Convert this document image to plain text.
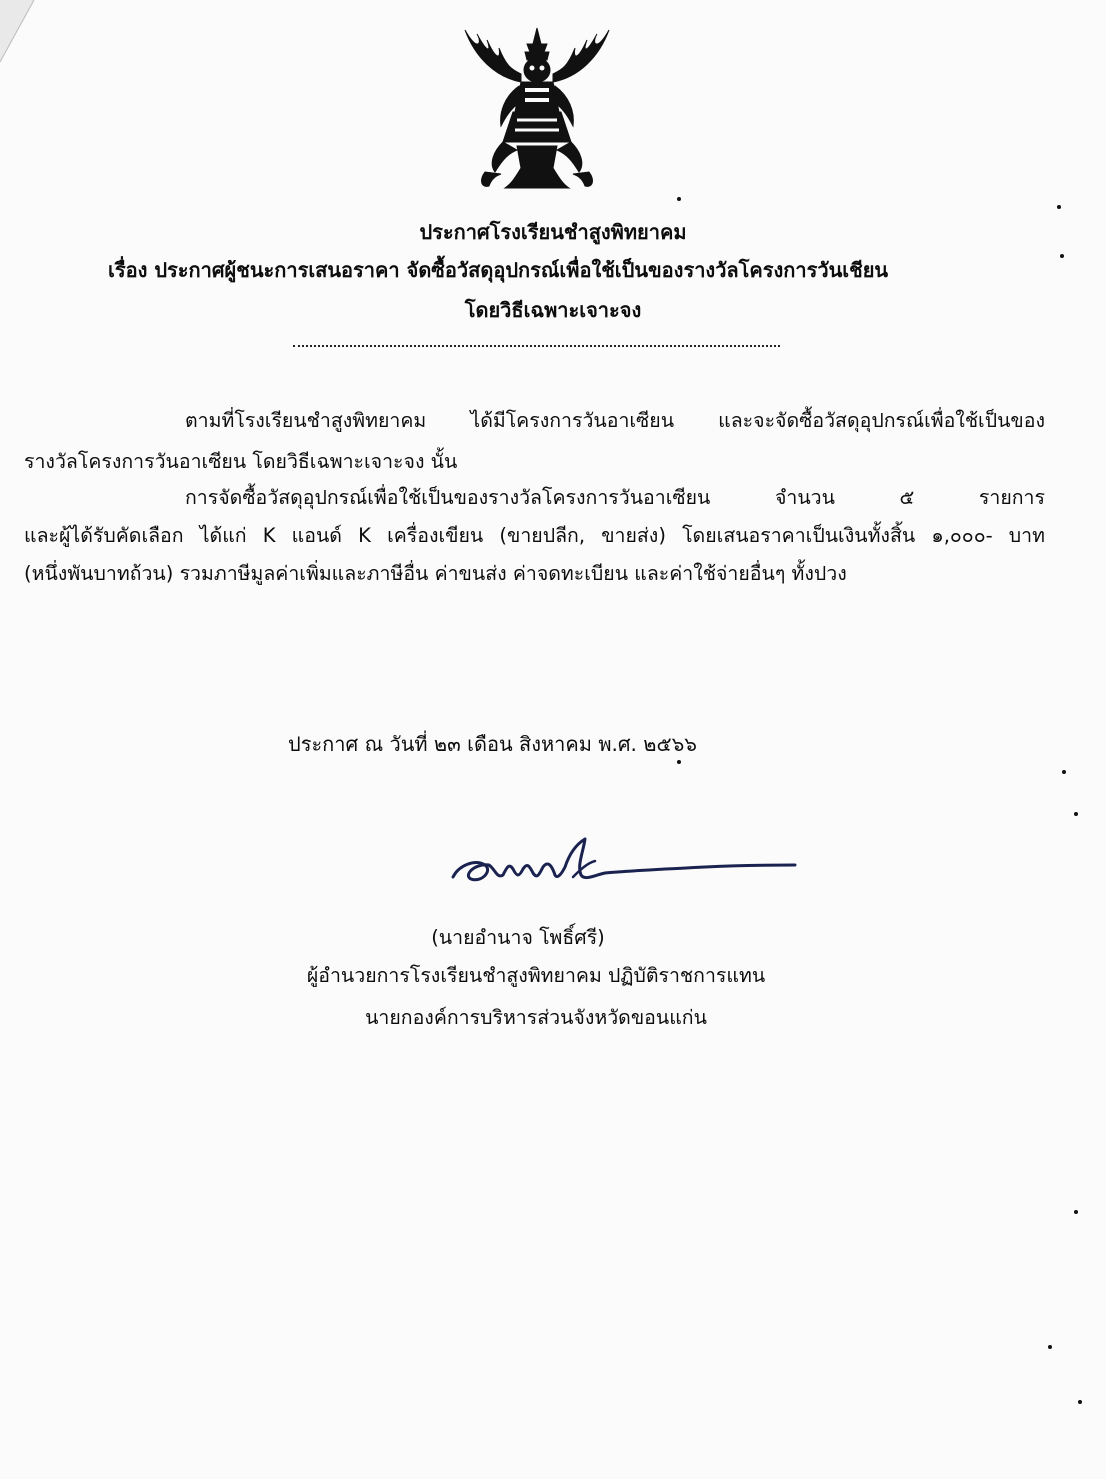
ประกาศโรงเรียนชำสูงพิทยาคม
เรื่อง ประกาศผู้ชนะการเสนอราคา จัดซื้อวัสดุอุปกรณ์เพื่อใช้เป็นของรางวัลโครงการวันเชียน
โดยวิธีเฉพาะเจาะจง
ตามที่โรงเรียนชำสูงพิทยาคม ได้มีโครงการวันอาเซียน และจะจัดซื้อวัสดุอุปกรณ์เพื่อใช้เป็นของ
รางวัลโครงการวันอาเซียน โดยวิธีเฉพาะเจาะจง นั้น
การจัดซื้อวัสดุอุปกรณ์เพื่อใช้เป็นของรางวัลโครงการวันอาเซียน จำนวน ๕ รายการ
และผู้ได้รับคัดเลือก ได้แก่ K แอนด์ K เครื่องเขียน (ขายปลีก, ขายส่ง) โดยเสนอราคาเป็นเงินทั้งสิ้น ๑,๐๐๐- บาท
(หนึ่งพันบาทถ้วน) รวมภาษีมูลค่าเพิ่มและภาษีอื่น ค่าขนส่ง ค่าจดทะเบียน และค่าใช้จ่ายอื่นๆ ทั้งปวง
ประกาศ ณ วันที่ ๒๓ เดือน สิงหาคม พ.ศ. ๒๕๖๖
(นายอำนาจ โพธิ์ศรี)
ผู้อำนวยการโรงเรียนชำสูงพิทยาคม ปฏิบัติราชการแทน
นายกองค์การบริหารส่วนจังหวัดขอนแก่น
